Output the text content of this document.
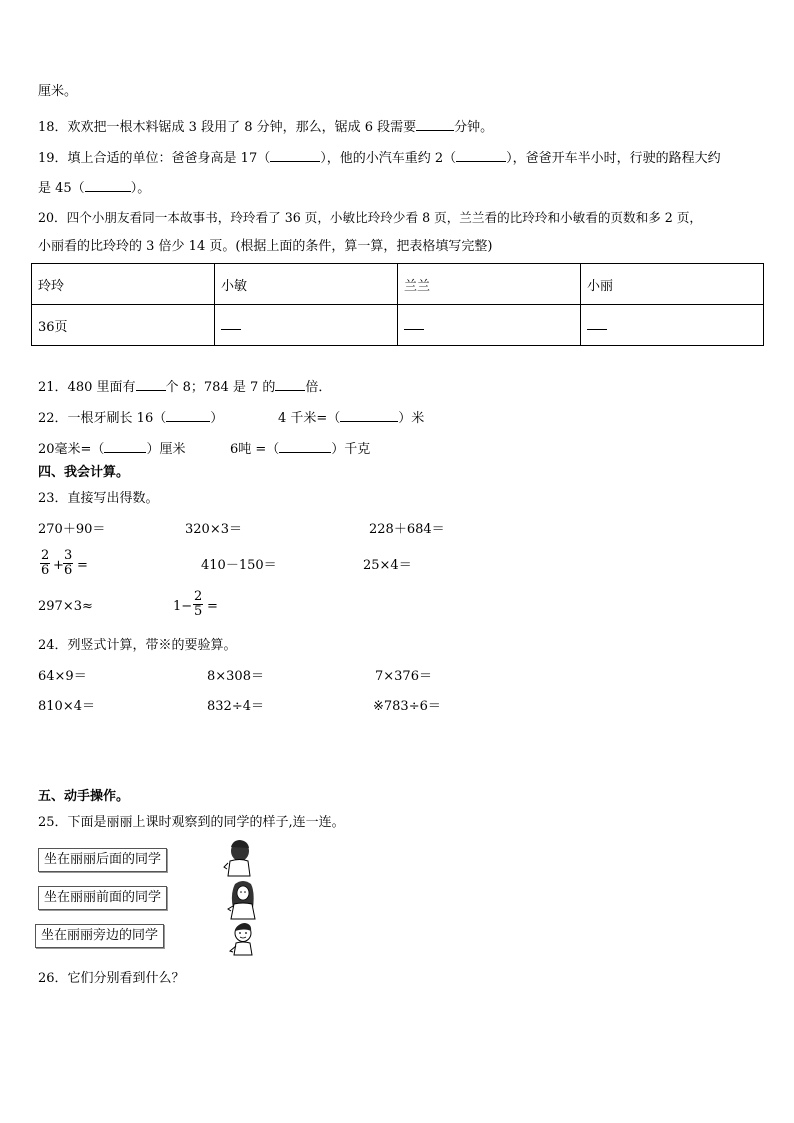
厘米。
18．欢欢把一根木料锯成 3 段用了 8 分钟，那么，锯成 6 段需要	分钟。
19．填上合适的单位：爸爸身高是 17（	），他的小汽车重约 2（	），爸爸开车半小时，行驶的路程大约
是 45（	）。
20．四个小朋友看同一本故事书，玲玲看了 36 页，小敏比玲玲少看 8 页，兰兰看的比玲玲和小敏看的页数和多 2 页，
小丽看的比玲玲的 3 倍少 14 页。(根据上面的条件，算一算，把表格填写完整)
玲玲	小敏	兰兰	小丽
36页			
21．480 里面有 个 8；784 是 7 的 倍．
22．一根牙刷长 16（	）	4 千米=（	）米
20毫米=（	）厘米	6吨 =（	）千克
四、我会计算。
23．直接写出得数。
270＋90＝	320×3＝	228＋684＝
$\frac{2}{6} + \frac{3}{6}$ =	410－150＝	25×4＝
297×3≈	$1- \frac{2}{5}$ =
24．列竖式计算，带※的要验算。
64×9＝	8×308＝	7×376＝
810×4＝	832÷4＝	※783÷6＝
五、动手操作。
25．下面是丽丽上课时观察到的同学的样子,连一连。
坐在丽丽后面的同学
坐在丽丽前面的同学
坐在丽丽旁边的同学
26．它们分别看到什么？
